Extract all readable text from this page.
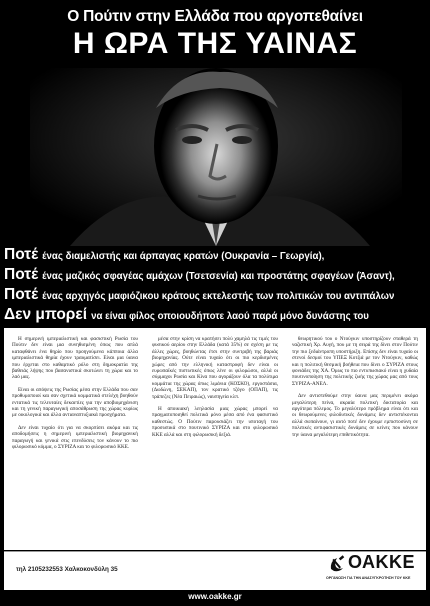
Ο Πούτιν στην Ελλάδα που αργοπεθαίνει
Η ΩΡΑ ΤΗΣ ΥΑΙΝΑΣ
Ποτέ ένας διαμελιστής και άρπαγας κρατών (Ουκρανία – Γεωργία),
Ποτέ ένας μαζικός σφαγέας αμάχων (Τσετσενία) και προστάτης σφαγέων (Άσαντ),
Ποτέ ένας αρχηγός μαφιόζικου κράτους εκτελεστής των πολιτικών του αντιπάλων
Δεν μπορεί να είναι φίλος οποιουδήποτε λαού παρά μόνο δυνάστης του

Η σημερινή ιμπεριαλιστική και φασιστική Ρωσία του Πούτιν δεν είναι μια συνηθισμένη όπως που απλά καταφθάνει ένα θηρίο που προηγούμενα κάπποια άλλα ιμπεριαλιστικά θηρία έχουν τραυματίσει. Είναι μια ύαινα που έρχεται στο καθαρτικό ρόλο στη δημοκρατία της βαθειάς λήψης που βασανιστικά σκοτώνει τη χώρα και το λαό μας.

Είναι οι απόψεις της Ρωσίας μέσα στην Ελλάδα που σαν προθυμοποιοί και σαν σχετικά κομματικά στελέχη βοηθούν εντατικά τις τελευταίες δεκαετίες για την αποβιομηχάνιση και τη γενική παραγωγική αποσάθρωση της χώρας κυρίως με οικολογικά και άλλα αντιαναπτυξιακά προσχήματα.

Δεν είναι τυχαίο ότι για να σκορπίσει ακόμα και τις αποδομήσεις η σημερινή ιμπεριαλιστική βιομηχανική παραγωγή και γενικά στις επενδύσεις τον κάνουν το πιο φιλορωσικό κόμμα, ο ΣΥΡΙΖΑ και το φιλορωσικό ΚΚΕ.

μέσα στην κρίση να κρατήσει πολύ χαμηλά τις τιμές του φυσικού αερίου στην Ελλάδα (κατά 35%) σε σχέση με τις άλλες χώρες, βοηθώντας έτσι στην συντριβή της βαριάς βιομηχανίας. Ούτε είναι τυχαίο ότι οι πιο κερδισμένες χώρες από την ελληνική καταστροφή δεν είναι οι ευρωπαϊκές πιστωτικές όπως λένε οι φιλορώσοι, αλλά οι σύμμαχοι Ρωσία και Κίνα που αγοράζουν όλα τα πολύτιμα κομμάτια της χώρας όπως λιμάνια (ΚΟΣΚΟ), εργοστάσια, (Δωδώνη, ΣΕΚΑΠ), τον κρατικό τζόγο (ΟΠΑΠ), τις τράπεζες (Νέα Πειραιώς), ναυπηγεία κλπ.

Η αποικιακή λεηλασία μιας χώρας μπορεί να πραγματοποιηθεί πολιτικά μόνο μέσα από ένα φασιστικό καθεστώς. Ο Πούτιν παρουσιάζει την υποταγή του προσωπικά στο πουτινικό ΣΥΡΙΖΑ και στο φιλορωσικό ΚΚΕ αλλά και στη φιλορωσική δεξιά.

θεωρητικού του ο Ντούγκιν υποστηρίζουν σταθερά τη ναζιστική Χρ. Αυγή, που με τη σειρά της δίνει στον Πούτιν την πιο ξεδιάντροπη υποστήριξη. Επίσης δεν είναι τυχαίο οι στενοί δεσμοί του ΥΠΕΞ Κοτζιά με τον Ντούγκιν, καθώς και η πολιτική θεσμική βοήθεια που δίνει ο ΣΥΡΙΖΑ στους φονιάδες της ΧΑ. Όμως το πιο εντυπωσιακό είναι η χυδαία πουτινοποίηση της πολιτικής ζωής της χώρας μας από τους ΣΥΡΙΖΑ-ΑΝΕΛ.

Δεν αντιστεθούμε στην ύαινα μας περιμένει ακόμα μεγαλύτερη πείνα, ακραία πολιτική δικτατορία και αργότερα πόλεμος. Το μεγαλύτερο πρόβλημα είναι ότι και οι θεωρούμενες φιλοδυτικές δυνάμεις δεν αντιστέκονται αλλά σωπαίνουν, γι αυτό ποτέ δεν έχουμε εμπιστοσύνη σε πολιτικές αντιφασιστικές δυνάμεις σε κείνες που κάνουν την ύαινα μεγαλύτερη επιθετικότητα.

τηλ 2105232553 Χαλκοκονδύλη 35	ΟΑΚΚΕ
ΟΡΓΑΝΩΣΗ ΓΙΑ ΤΗΝ ΑΝΑΣΥΓΚΡΟΤΗΣΗ ΤΟΥ ΚΚΕ
www.oakke.gr
